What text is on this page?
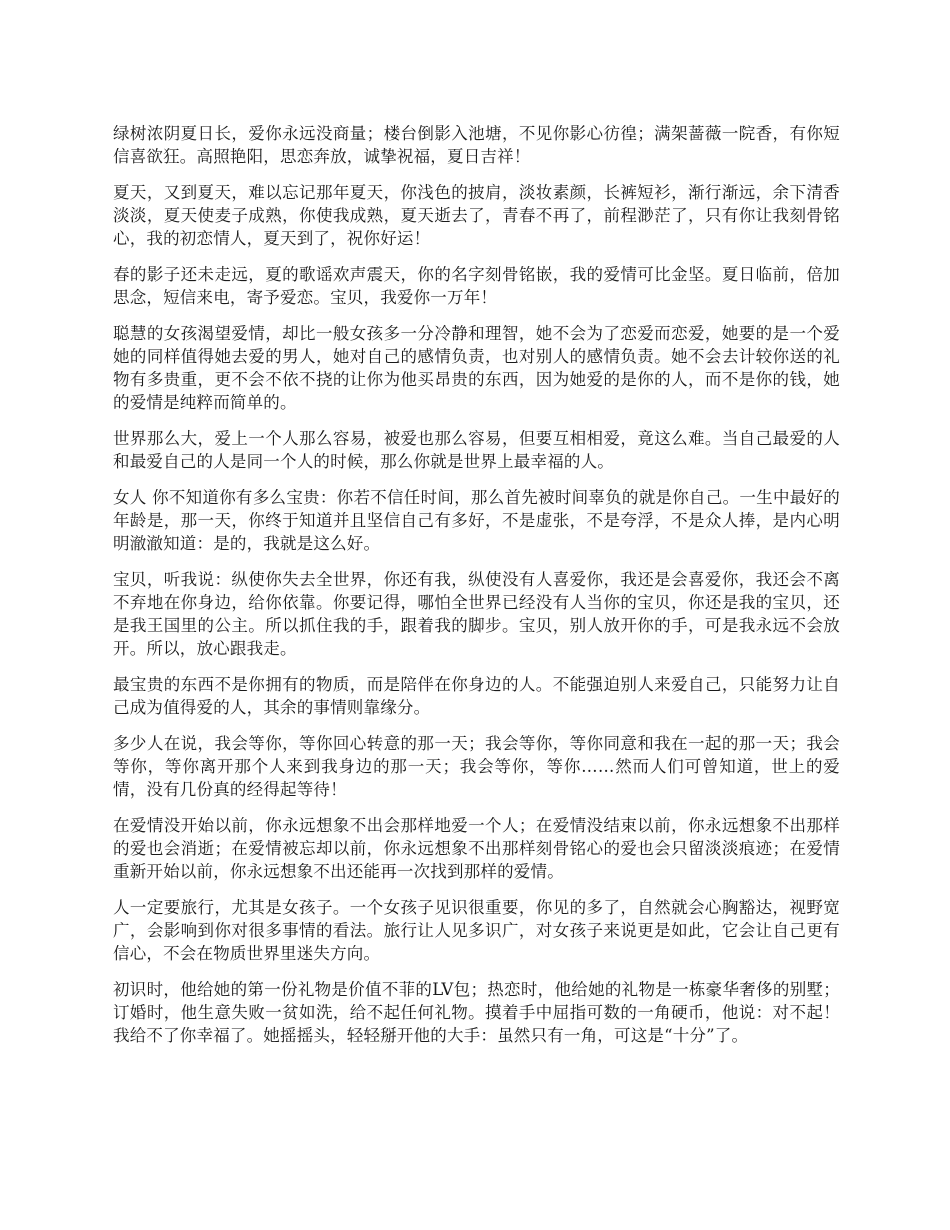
绿树浓阴夏日长，爱你永远没商量；楼台倒影入池塘，不见你影心彷徨；满架蔷薇一院香，有你短信喜欲狂。高照艳阳，思恋奔放，诚挚祝福，夏日吉祥！

夏天，又到夏天，难以忘记那年夏天，你浅色的披肩，淡妆素颜，长裤短衫，渐行渐远，余下清香淡淡，夏天使麦子成熟，你使我成熟，夏天逝去了，青春不再了，前程渺茫了，只有你让我刻骨铭心，我的初恋情人，夏天到了，祝你好运！

春的影子还未走远，夏的歌谣欢声震天，你的名字刻骨铭嵌，我的爱情可比金坚。夏日临前，倍加思念，短信来电，寄予爱恋。宝贝，我爱你一万年！

聪慧的女孩渴望爱情，却比一般女孩多一分冷静和理智，她不会为了恋爱而恋爱，她要的是一个爱她的同样值得她去爱的男人，她对自己的感情负责，也对别人的感情负责。她不会去计较你送的礼物有多贵重，更不会不依不挠的让你为他买昂贵的东西，因为她爱的是你的人，而不是你的钱，她的爱情是纯粹而简单的。

世界那么大，爱上一个人那么容易，被爱也那么容易，但要互相相爱，竟这么难。当自己最爱的人和最爱自己的人是同一个人的时候，那么你就是世界上最幸福的人。

女人 你不知道你有多么宝贵：你若不信任时间，那么首先被时间辜负的就是你自己。一生中最好的年龄是，那一天，你终于知道并且坚信自己有多好，不是虚张，不是夸浮，不是众人捧，是内心明明澈澈知道：是的，我就是这么好。

宝贝，听我说：纵使你失去全世界，你还有我，纵使没有人喜爱你，我还是会喜爱你，我还会不离不弃地在你身边，给你依靠。你要记得，哪怕全世界已经没有人当你的宝贝，你还是我的宝贝，还是我王国里的公主。所以抓住我的手，跟着我的脚步。宝贝，别人放开你的手，可是我永远不会放开。所以，放心跟我走。

最宝贵的东西不是你拥有的物质，而是陪伴在你身边的人。不能强迫别人来爱自己，只能努力让自己成为值得爱的人，其余的事情则靠缘分。

多少人在说，我会等你，等你回心转意的那一天；我会等你，等你同意和我在一起的那一天；我会等你，等你离开那个人来到我身边的那一天；我会等你，等你……然而人们可曾知道，世上的爱情，没有几份真的经得起等待！

在爱情没开始以前，你永远想象不出会那样地爱一个人；在爱情没结束以前，你永远想象不出那样的爱也会消逝；在爱情被忘却以前，你永远想象不出那样刻骨铭心的爱也会只留淡淡痕迹；在爱情重新开始以前，你永远想象不出还能再一次找到那样的爱情。

人一定要旅行，尤其是女孩子。一个女孩子见识很重要，你见的多了，自然就会心胸豁达，视野宽广，会影响到你对很多事情的看法。旅行让人见多识广，对女孩子来说更是如此，它会让自己更有信心，不会在物质世界里迷失方向。

初识时，他给她的第一份礼物是价值不菲的LV包；热恋时，他给她的礼物是一栋豪华奢侈的别墅；订婚时，他生意失败一贫如洗，给不起任何礼物。摸着手中屈指可数的一角硬币，他说：对不起！我给不了你幸福了。她摇摇头，轻轻掰开他的大手：虽然只有一角，可这是“十分”了。
